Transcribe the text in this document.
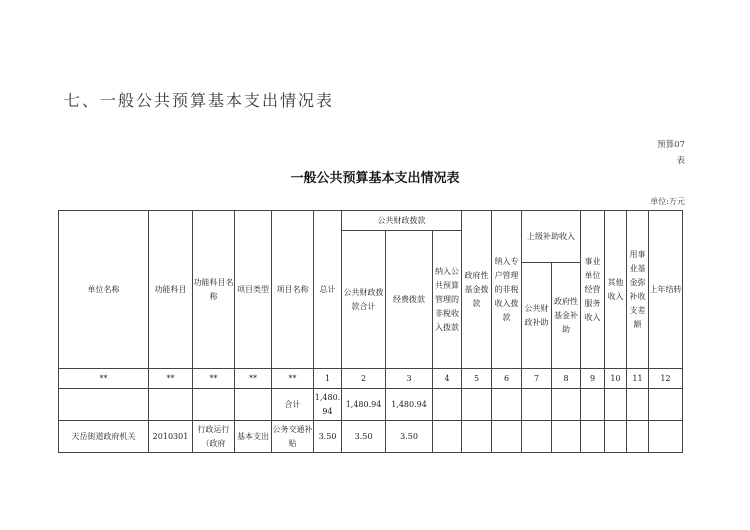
七、一般公共预算基本支出情况表
预算07表
一般公共预算基本支出情况表
单位:万元
单位名称	功能科目	功能科目名称	项目类型	项目名称	总计	公共财政拨款			政府性基金拨款	纳入专户管理的非税收入拨款	上级补助收入		事业单位经营服务收入	其他收入	用事业基金弥补收支差额	上年结转
						公共财政拨款合计	经费拨款	纳入公共预算管理的非税收入拨款								
											公共财政补助	政府性基金补助				
**	**	**	**	**	1	2	3	4	5	6	7	8	9	10	11	12
				合计	1,480.94	1,480.94	1,480.94									
天岳街道政府机关	2010301	行政运行（政府	基本支出	公务交通补贴	3.50	3.50	3.50									
